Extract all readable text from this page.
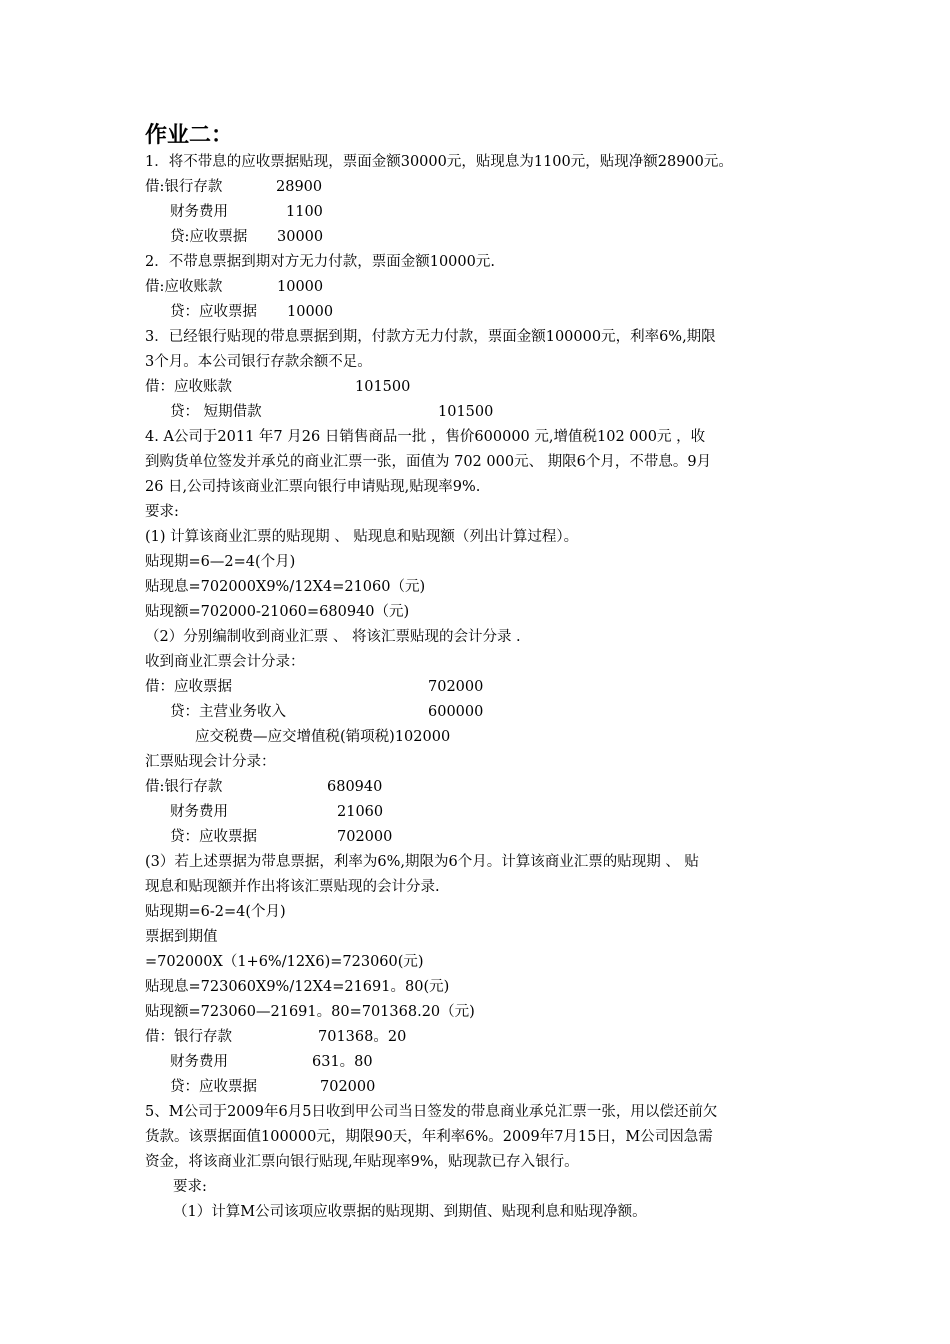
作业二：
1．将不带息的应收票据贴现，票面金额30000元，贴现息为1100元，贴现净额28900元。
借:银行存款	28900
财务费用	1100
贷:应收票据 30000
2．不带息票据到期对方无力付款，票面金额10000元.
借:应收账款	10000
贷：应收票据 10000
3．已经银行贴现的带息票据到期，付款方无力付款，票面金额100000元，利率6%,期限
3个月。本公司银行存款余额不足。
借：应收账款	101500
贷： 短期借款	101500
4. A公司于2011 年7 月26 日销售商品一批 ，售价600000 元,增值税102 000元 ，收
到购货单位签发并承兑的商业汇票一张，面值为 702 000元、 期限6个月，不带息。9月
26 日,公司持该商业汇票向银行申请贴现,贴现率9%.
要求:
(1) 计算该商业汇票的贴现期 、 贴现息和贴现额（列出计算过程）。
贴现期=6—2=4(个月)
贴现息=702000X9%/12X4=21060（元)
贴现额=702000-21060=680940（元)
（2）分别编制收到商业汇票 、 将该汇票贴现的会计分录 .
收到商业汇票会计分录：
借：应收票据	702000
贷：主营业务收入	600000
应交税费—应交增值税(销项税)102000
汇票贴现会计分录：
借:银行存款	680940
财务费用	21060
贷：应收票据	702000
(3）若上述票据为带息票据，利率为6%,期限为6个月。计算该商业汇票的贴现期 、 贴
现息和贴现额并作出将该汇票贴现的会计分录.
贴现期=6-2=4(个月)
票据到期值
=702000X（1+6%/12X6)=723060(元)
贴现息=723060X9%/12X4=21691。80(元)
贴现额=723060—21691。80=701368.20（元)
借：银行存款	701368。20
财务费用	631。80
贷：应收票据	702000
5、M公司于2009年6月5日收到甲公司当日签发的带息商业承兑汇票一张，用以偿还前欠
货款。该票据面值100000元，期限90天，年利率6%。2009年7月15日，M公司因急需
资金，将该商业汇票向银行贴现,年贴现率9%，贴现款已存入银行。
要求:
（1）计算M公司该项应收票据的贴现期、到期值、贴现利息和贴现净额。
